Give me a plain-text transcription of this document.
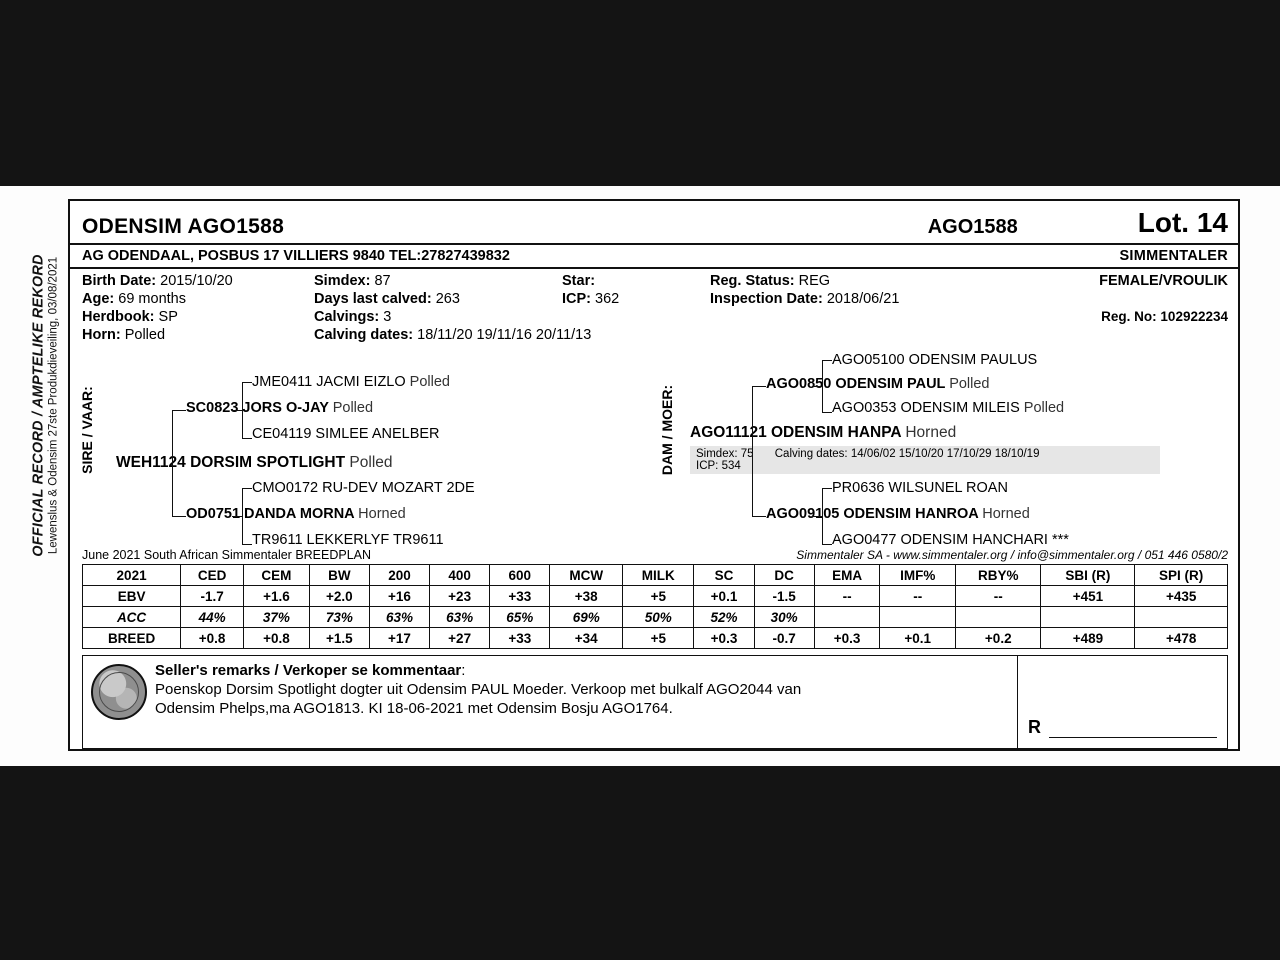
OFFICIAL RECORD / AMPTELIKE REKORD Lewenslus & Odensim 27ste Produkdieveiling, 03/08/2021
ODENSIM AGO1588	AGO1588	Lot. 14
AG ODENDAAL, POSBUS 17 VILLIERS 9840 TEL:27827439832	SIMMENTALER
Birth Date: 2015/10/20	Simdex: 87	Star:	Reg. Status: REG	FEMALE/VROULIK
Age: 69 months	Days last calved: 263	ICP: 362	Inspection Date: 2018/06/21
Herdbook: SP	Calvings: 3	Reg. No: 102922234
Horn: Polled	Calving dates: 18/11/20 19/11/16 20/11/13
SIRE / VAAR:
JME0411 JACMI EIZLO Polled
SC0823 JORS O-JAY Polled
CE04119 SIMLEE ANELBER
WEH1124 DORSIM SPOTLIGHT Polled
CMO0172 RU-DEV MOZART 2DE
OD0751 DANDA MORNA Horned
TR9611 LEKKERLYF TR9611
DAM / MOER:
AGO05100 ODENSIM PAULUS
AGO0850 ODENSIM PAUL Polled
AGO0353 ODENSIM MILEIS Polled
AGO11121 ODENSIM HANPA Horned
Simdex: 75 Calving dates: 14/06/02 15/10/20 17/10/29 18/10/19
ICP: 534
PR0636 WILSUNEL ROAN
AGO09105 ODENSIM HANROA Horned
AGO0477 ODENSIM HANCHARI ***
June 2021 South African Simmentaler BREEDPLAN	Simmentaler SA - www.simmentaler.org / info@simmentaler.org / 051 446 0580/2
2021	CED	CEM	BW	200	400	600	MCW	MILK	SC	DC	EMA	IMF%	RBY%	SBI (R)	SPI (R)
EBV	-1.7	+1.6	+2.0	+16	+23	+33	+38	+5	+0.1	-1.5	--	--	--	+451	+435
ACC	44%	37%	73%	63%	63%	65%	69%	50%	52%	30%					
BREED	+0.8	+0.8	+1.5	+17	+27	+33	+34	+5	+0.3	-0.7	+0.3	+0.1	+0.2	+489	+478
Seller's remarks / Verkoper se kommentaar:
Poenskop Dorsim Spotlight dogter uit Odensim PAUL Moeder. Verkoop met bulkalf AGO2044 van
Odensim Phelps,ma AGO1813. KI 18-06-2021 met Odensim Bosju AGO1764.
R
